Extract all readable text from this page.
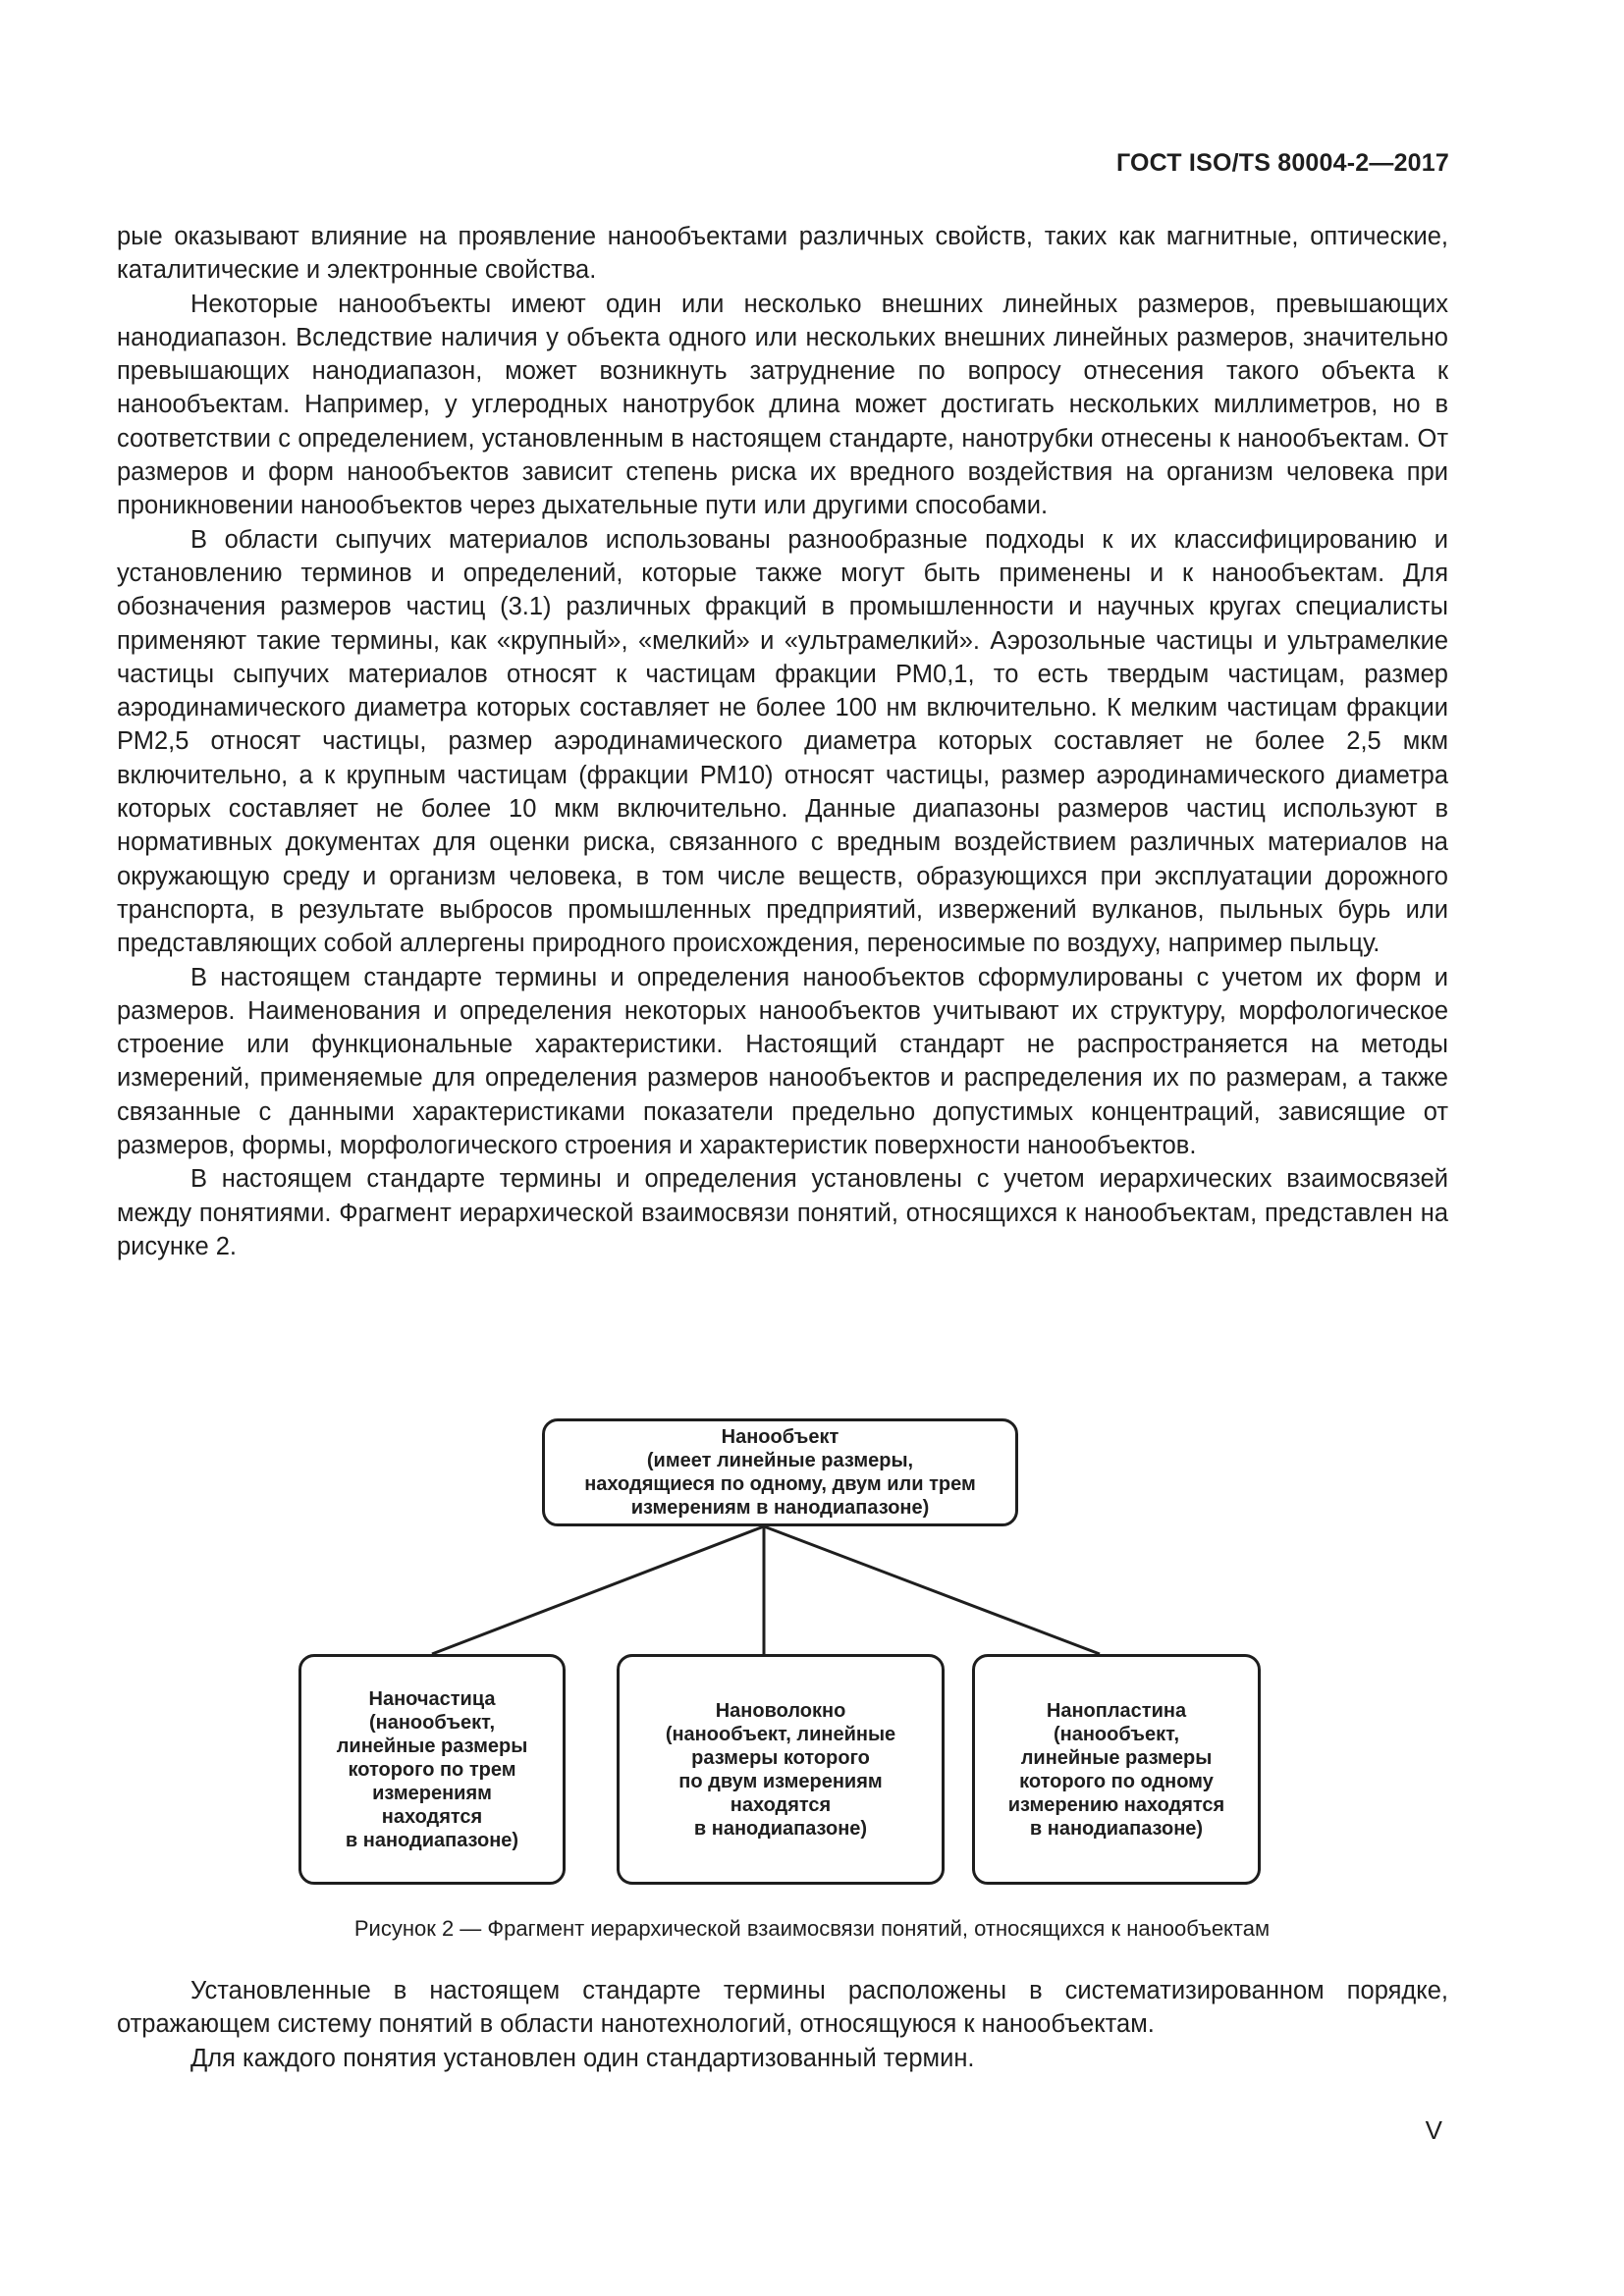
ГОСТ ISO/TS 80004-2—2017

рые оказывают влияние на проявление нанообъектами различных свойств, таких как магнитные, оптические, каталитические и электронные свойства.

Некоторые нанообъекты имеют один или несколько внешних линейных размеров, превышающих нанодиапазон. Вследствие наличия у объекта одного или нескольких внешних линейных размеров, значительно превышающих нанодиапазон, может возникнуть затруднение по вопросу отнесения такого объекта к нанообъектам. Например, у углеродных нанотрубок длина может достигать нескольких миллиметров, но в соответствии с определением, установленным в настоящем стандарте, нанотрубки отнесены к нанообъектам. От размеров и форм нанообъектов зависит степень риска их вредного воздействия на организм человека при проникновении нанообъектов через дыхательные пути или другими способами.

В области сыпучих материалов использованы разнообразные подходы к их классифицированию и установлению терминов и определений, которые также могут быть применены и к нанообъектам. Для обозначения размеров частиц (3.1) различных фракций в промышленности и научных кругах специалисты применяют такие термины, как «крупный», «мелкий» и «ультрамелкий». Аэрозольные частицы и ультрамелкие частицы сыпучих материалов относят к частицам фракции РМ0,1, то есть твердым частицам, размер аэродинамического диаметра которых составляет не более 100 нм включительно. К мелким частицам фракции РМ2,5 относят частицы, размер аэродинамического диаметра которых составляет не более 2,5 мкм включительно, а к крупным частицам (фракции РМ10) относят частицы, размер аэродинамического диаметра которых составляет не более 10 мкм включительно. Данные диапазоны размеров частиц используют в нормативных документах для оценки риска, связанного с вредным воздействием различных материалов на окружающую среду и организм человека, в том числе веществ, образующихся при эксплуатации дорожного транспорта, в результате выбросов промышленных предприятий, извержений вулканов, пыльных бурь или представляющих собой аллергены природного происхождения, переносимые по воздуху, например пыльцу.

В настоящем стандарте термины и определения нанообъектов сформулированы с учетом их форм и размеров. Наименования и определения некоторых нанообъектов учитывают их структуру, морфологическое строение или функциональные характеристики. Настоящий стандарт не распространяется на методы измерений, применяемые для определения размеров нанообъектов и распределения их по размерам, а также связанные с данными характеристиками показатели предельно допустимых концентраций, зависящие от размеров, формы, морфологического строения и характеристик поверхности нанообъектов.

В настоящем стандарте термины и определения установлены с учетом иерархических взаимосвязей между понятиями. Фрагмент иерархической взаимосвязи понятий, относящихся к нанообъектам, представлен на рисунке 2.

Нанообъект
(имеет линейные размеры,
находящиеся по одному, двум или трем
измерениям в нанодиапазоне)
Наночастица
(нанообъект,
линейные размеры
которого по трем
измерениям
находятся
в нанодиапазоне)
Нановолокно
(нанообъект, линейные
размеры которого
по двум измерениям
находятся
в нанодиапазоне)
Нанопластина
(нанообъект,
линейные размеры
которого по одному
измерению находятся
в нанодиапазоне)
Рисунок 2 — Фрагмент иерархической взаимосвязи понятий, относящихся к нанообъектам

Установленные в настоящем стандарте термины расположены в систематизированном порядке, отражающем систему понятий в области нанотехнологий, относящуюся к нанообъектам.

Для каждого понятия установлен один стандартизованный термин.

V
